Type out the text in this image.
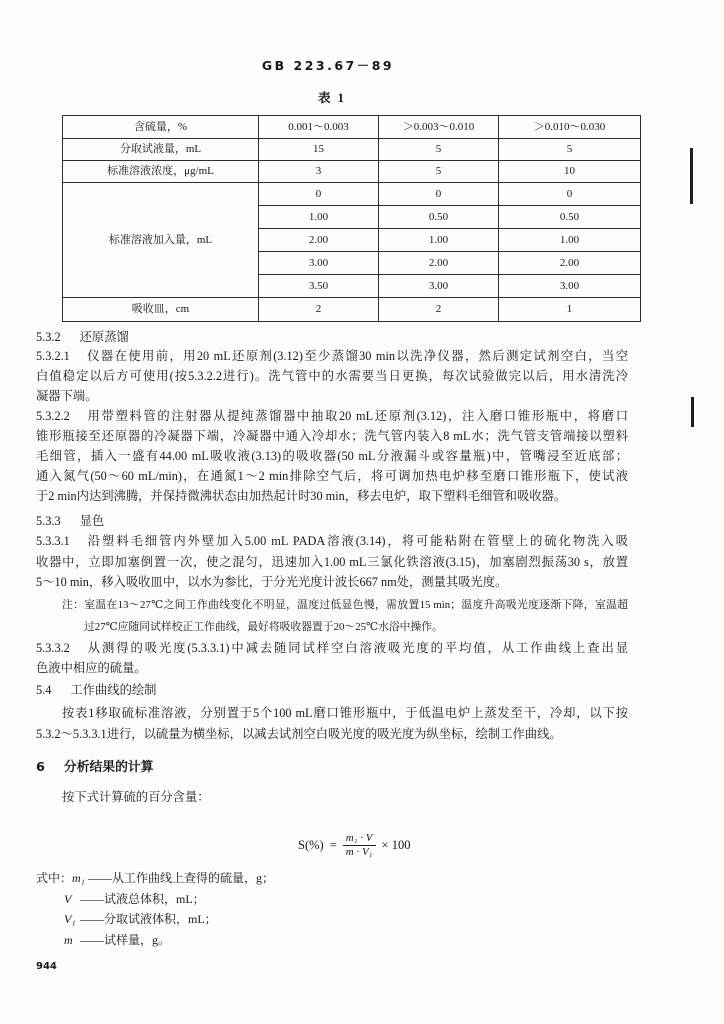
GB 223.67－89
表 1
含硫量，%	0.001～0.003	＞0.003～0.010	＞0.010～0.030
分取试液量，mL	15	5	5
标准溶液浓度，μg/mL	3	5	10
标准溶液加入量，mL	0	0	0
	1.00	0.50	0.50
	2.00	1.00	1.00
	3.00	2.00	2.00
	3.50	3.00	3.00
吸收皿，cm	2	2	1
5.3.2 还原蒸馏
5.3.2.1 仪器在使用前，用20 mL还原剂(3.12)至少蒸馏30 min以洗净仪器，然后测定试剂空白，当空
白值稳定以后方可使用(按5.3.2.2进行)。洗气管中的水需要当日更换，每次试验做完以后，用水清洗冷
凝器下端。
5.3.2.2 用带塑料管的注射器从提纯蒸馏器中抽取20 mL还原剂(3.12)，注入磨口锥形瓶中，将磨口
锥形瓶接至还原器的冷凝器下端，冷凝器中通入冷却水；洗气管内装入8 mL水；洗气管支管端接以塑料
毛细管，插入一盛有44.00 mL吸收液(3.13)的吸收器(50 mL分液漏斗或容量瓶)中，管嘴浸至近底部；
通入氮气(50～60 mL/min)，在通氮1～2 min排除空气后，将可调加热电炉移至磨口锥形瓶下，使试液
于2 min内达到沸腾，并保持微沸状态由加热起计时30 min，移去电炉，取下塑料毛细管和吸收器。
5.3.3 显色
5.3.3.1 沿塑料毛细管内外壁加入5.00 mL PADA溶液(3.14)，将可能粘附在管壁上的硫化物洗入吸
收器中，立即加塞倒置一次，使之混匀，迅速加入1.00 mL三氯化铁溶液(3.15)，加塞剧烈振荡30 s，放置
5～10 min，移入吸收皿中，以水为参比，于分光光度计波长667 nm处，测量其吸光度。
注：室温在13～27℃之间工作曲线变化不明显，温度过低显色慢，需放置15 min；温度升高吸光度逐渐下降，室温超
过27℃应随同试样校正工作曲线，最好将吸收器置于20～25℃水浴中操作。
5.3.3.2 从测得的吸光度(5.3.3.1)中减去随同试样空白溶液吸光度的平均值，从工作曲线上查出显
色液中相应的硫量。
5.4 工作曲线的绘制
按表1移取硫标准溶液，分别置于5个100 mL磨口锥形瓶中，于低温电炉上蒸发至干，冷却，以下按
5.3.2～5.3.3.1进行，以硫量为横坐标，以减去试剂空白吸光度的吸光度为纵坐标，绘制工作曲线。
6 分析结果的计算
按下式计算硫的百分含量：
$S(\%) = \frac{\text{m₁ · V}}{\text{m · V₁}} \times 100$
式中： m₁ ——从工作曲线上查得的硫量，g；
V ——试液总体积，mL；
V₁ ——分取试液体积，mL；
m ——试样量，g。
944
